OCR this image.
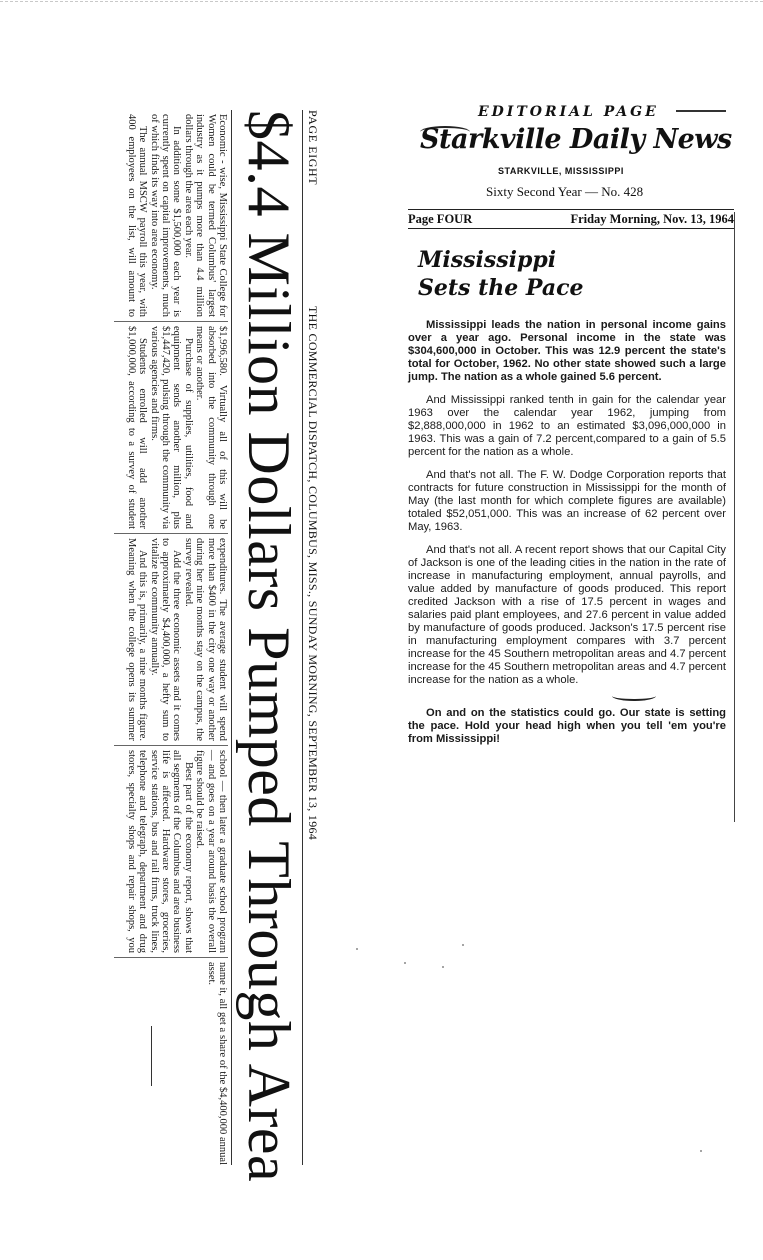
PAGE EIGHT
THE COMMERCIAL DISPATCH, COLUMBUS, MISS., SUNDAY MORNING, SEPTEMBER 13, 1964
$4.4 Million Dollars Pumped Through Area

Economic - wise, Mississippi State College for Women could be termed Columbus' largest industry as it pumps more than 4.4 million dollars through the area each year.

In addition some $1,500,000 each year is currently spent on capital improvements, much of which finds its way into area economy.

The annual MSCW payroll this year, with 400 employees on the list, will amount to $1,996,580. Virtually all of this will be absorbed into the community through one means or another.

Purchase of supplies, utilities, food and equipment sends another million, plus $1,447,420, pulsing through the community via various agencies and firms.

Students enrolled will add another $1,000,000, according to a survey of student expenditures. The average student will spend more than $400 in the city one way or another during her nine months stay on the campus, the survey revealed.

Add the three economic assets and it comes to approximately $4,400,000, a hefty sum to vitalize the community annually.

And this is, primarily, a nine months figure. Meaning when the college opens its summer school — then later a graduate school program — and goes on a year around basis the overall figure should be raised.

Best part of the economy report, shows that all segments of the Columbus and area business life is affected. Hardware stores, groceries, service stations, bus and rail firms, truck lines, telephone and telegraph, department and drug stores, specialty shops and repair shops, you name it, all get a share of the $4,400,000 annual asset.

EDITORIAL PAGE
Starkville Daily News
STARKVILLE, MISSISSIPPI
Sixty Second Year — No. 428
Page FOUR	Friday Morning, Nov. 13, 1964
Mississippi
Sets the Pace

Mississippi leads the nation in personal income gains over a year ago. Personal income in the state was $304,600,000 in October. This was 12.9 percent the state's total for October, 1962. No other state showed such a large jump. The nation as a whole gained 5.6 percent.

And Mississippi ranked tenth in gain for the calendar year 1963 over the calendar year 1962, jumping from $2,888,000,000 in 1962 to an estimated $3,096,000,000 in 1963. This was a gain of 7.2 percent,compared to a gain of 5.5 percent for the nation as a whole.

And that's not all. The F. W. Dodge Corporation reports that contracts for future construction in Mississippi for the month of May (the last month for which complete figures are available) totaled $52,051,000. This was an increase of 62 percent over May, 1963.

And that's not all. A recent report shows that our Capital City of Jackson is one of the leading cities in the nation in the rate of increase in manufacturing employment, annual payrolls, and value added by manufacture of goods produced. This report credited Jackson with a rise of 17.5 percent in wages and salaries paid plant employees, and 27.6 percent in value added by manufacture of goods produced. Jackson's 17.5 percent rise in manufacturing employment compares with 3.7 percent increase for the 45 Southern metropolitan areas and 4.7 percent increase for the 45 Southern metropolitan areas and 4.7 percent increase for the nation as a whole.

On and on the statistics could go. Our state is setting the pace. Hold your head high when you tell 'em you're from Mississippi!
